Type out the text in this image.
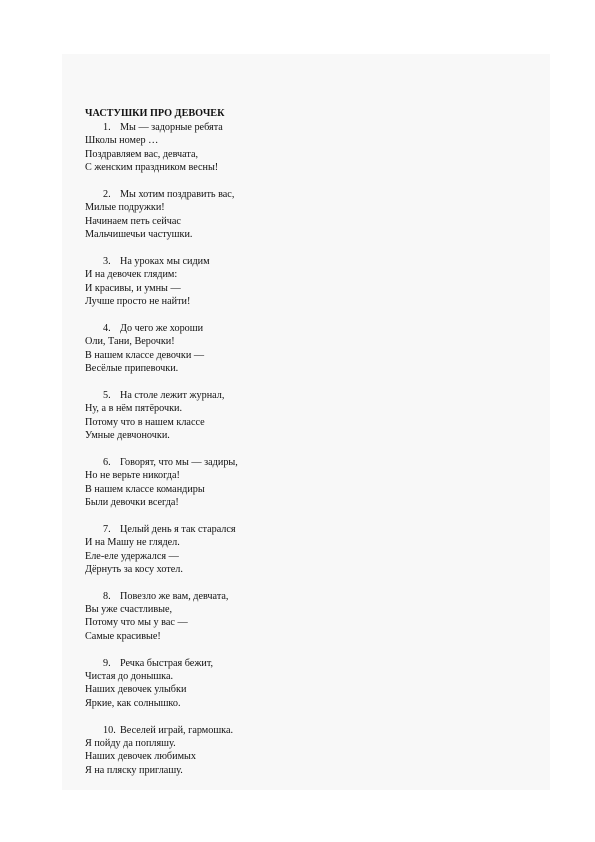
ЧАСТУШКИ ПРО ДЕВОЧЕК
1. Мы — задорные ребята
Школы номер …
Поздравляем вас, девчата,
С женским праздником весны!
2. Мы хотим поздравить вас,
Милые подружки!
Начинаем петь сейчас
Мальчишечьи частушки.
3. На уроках мы сидим
И на девочек глядим:
И красивы, и умны —
Лучше просто не найти!
4. До чего же хороши
Оли, Тани, Верочки!
В нашем классе девочки —
Весёлые припевочки.
5. На столе лежит журнал,
Ну, а в нём пятёрочки.
Потому что в нашем классе
Умные девчоночки.
6. Говорят, что мы — задиры,
Но не верьте никогда!
В нашем классе командиры
Были девочки всегда!
7. Целый день я так старался
И на Машу не глядел.
Еле-еле удержался —
Дёрнуть за косу хотел.
8. Повезло же вам, девчата,
Вы уже счастливые,
Потому что мы у вас —
Самые красивые!
9. Речка быстрая бежит,
Чистая до донышка.
Наших девочек улыбки
Яркие, как солнышко.
10. Веселей играй, гармошка.
Я пойду да попляшу.
Наших девочек любимых
Я на пляску приглашу.
